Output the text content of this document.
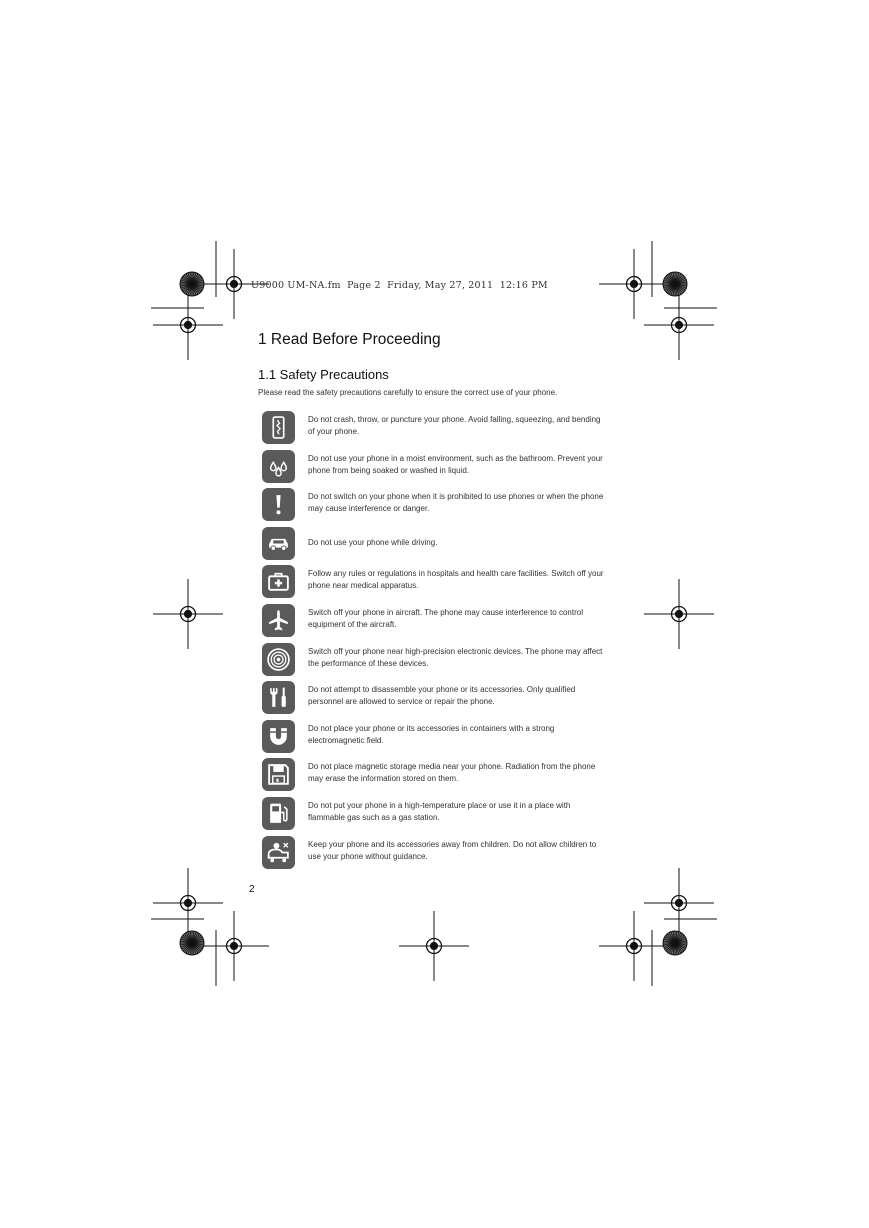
U9000 UM-NA.fm  Page 2  Friday, May 27, 2011  12:16 PM
1 Read Before Proceeding
1.1 Safety Precautions
Please read the safety precautions carefully to ensure the correct use of your phone.
Do not crash, throw, or puncture your phone. Avoid falling, squeezing, and bending of your phone.
Do not use your phone in a moist environment, such as the bathroom. Prevent your phone from being soaked or washed in liquid.
Do not switch on your phone when it is prohibited to use phones or when the phone may cause interference or danger.
Do not use your phone while driving.
Follow any rules or regulations in hospitals and health care facilities. Switch off your phone near medical apparatus.
Switch off your phone in aircraft. The phone may cause interference to control equipment of the aircraft.
Switch off your phone near high-precision electronic devices. The phone may affect the performance of these devices.
Do not attempt to disassemble your phone or its accessories. Only qualified personnel are allowed to service or repair the phone.
Do not place your phone or its accessories in containers with a strong electromagnetic field.
Do not place magnetic storage media near your phone. Radiation from the phone may erase the information stored on them.
Do not put your phone in a high-temperature place or use it in a place with flammable gas such as a gas station.
Keep your phone and its accessories away from children. Do not allow children to use your phone without guidance.
2
